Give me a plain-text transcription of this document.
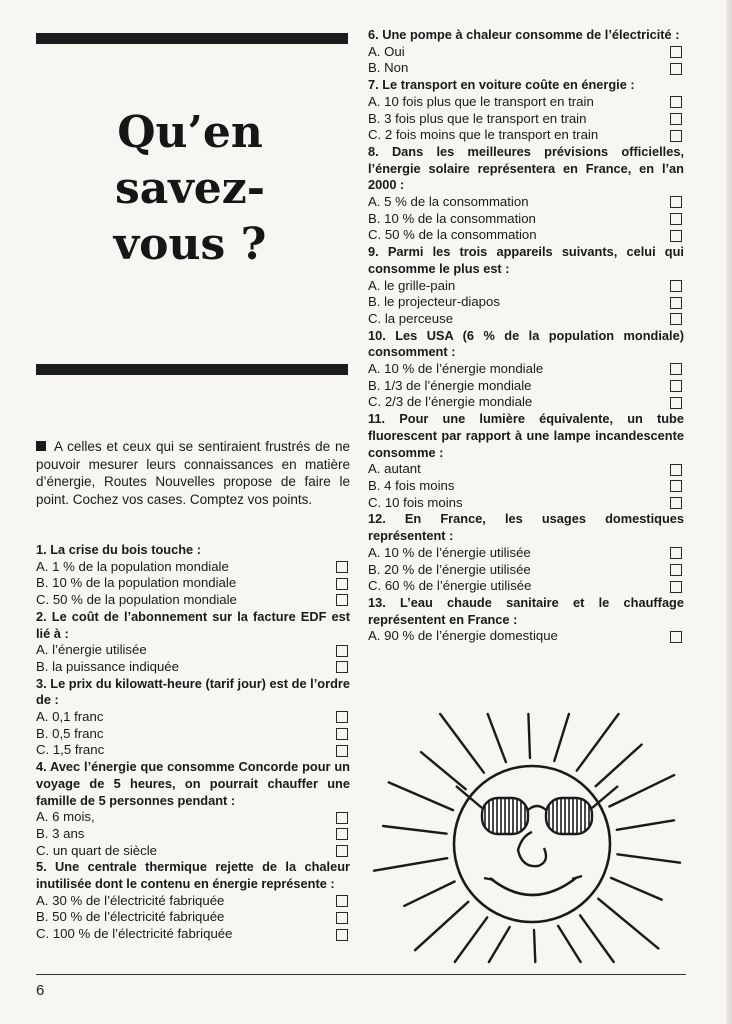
Qu’en
savez-
vous ?
A celles et ceux qui se sentiraient frustrés de ne pouvoir mesurer leurs connaissances en matière d’énergie, Routes Nouvelles propose de faire le point. Cochez vos cases. Comptez vos points.

1. La crise du bois touche :

A. 1 % de la population mondiale
B. 10 % de la population mondiale
C. 50 % de la population mondiale

2. Le coût de l’abonnement sur la facture EDF est lié à :

A. l’énergie utilisée
B. la puissance indiquée

3. Le prix du kilowatt-heure (tarif jour) est de l’ordre de :

A. 0,1 franc
B. 0,5 franc
C. 1,5 franc

4. Avec l’énergie que consomme Concorde pour un voyage de 5 heures, on pourrait chauffer une famille de 5 personnes pendant :

A. 6 mois,
B. 3 ans
C. un quart de siècle

5. Une centrale thermique rejette de la chaleur inutilisée dont le contenu en énergie représente :

A. 30 % de l’électricité fabriquée
B. 50 % de l’électricité fabriquée
C. 100 % de l’électricité fabriquée

6. Une pompe à chaleur consomme de l’électricité :

A. Oui
B. Non

7. Le transport en voiture coûte en énergie :

A. 10 fois plus que le transport en train
B. 3 fois plus que le transport en train
C. 2 fois moins que le transport en train

8. Dans les meilleures prévisions officielles, l’énergie solaire représentera en France, en l’an 2000 :

A. 5 % de la consommation
B. 10 % de la consommation
C. 50 % de la consommation

9. Parmi les trois appareils suivants, celui qui consomme le plus est :

A. le grille-pain
B. le projecteur-diapos
C. la perceuse

10. Les USA (6 % de la population mondiale) consomment :

A. 10 % de l’énergie mondiale
B. 1/3 de l’énergie mondiale
C. 2/3 de l’énergie mondiale

11. Pour une lumière équivalente, un tube fluorescent par rapport à une lampe incandescente consomme :

A. autant
B. 4 fois moins
C. 10 fois moins

12. En France, les usages domestiques représentent :

A. 10 % de l’énergie utilisée
B. 20 % de l’énergie utilisée
C. 60 % de l’énergie utilisée

13. L’eau chaude sanitaire et le chauffage représentent en France :

A. 90 % de l’énergie domestique
6
